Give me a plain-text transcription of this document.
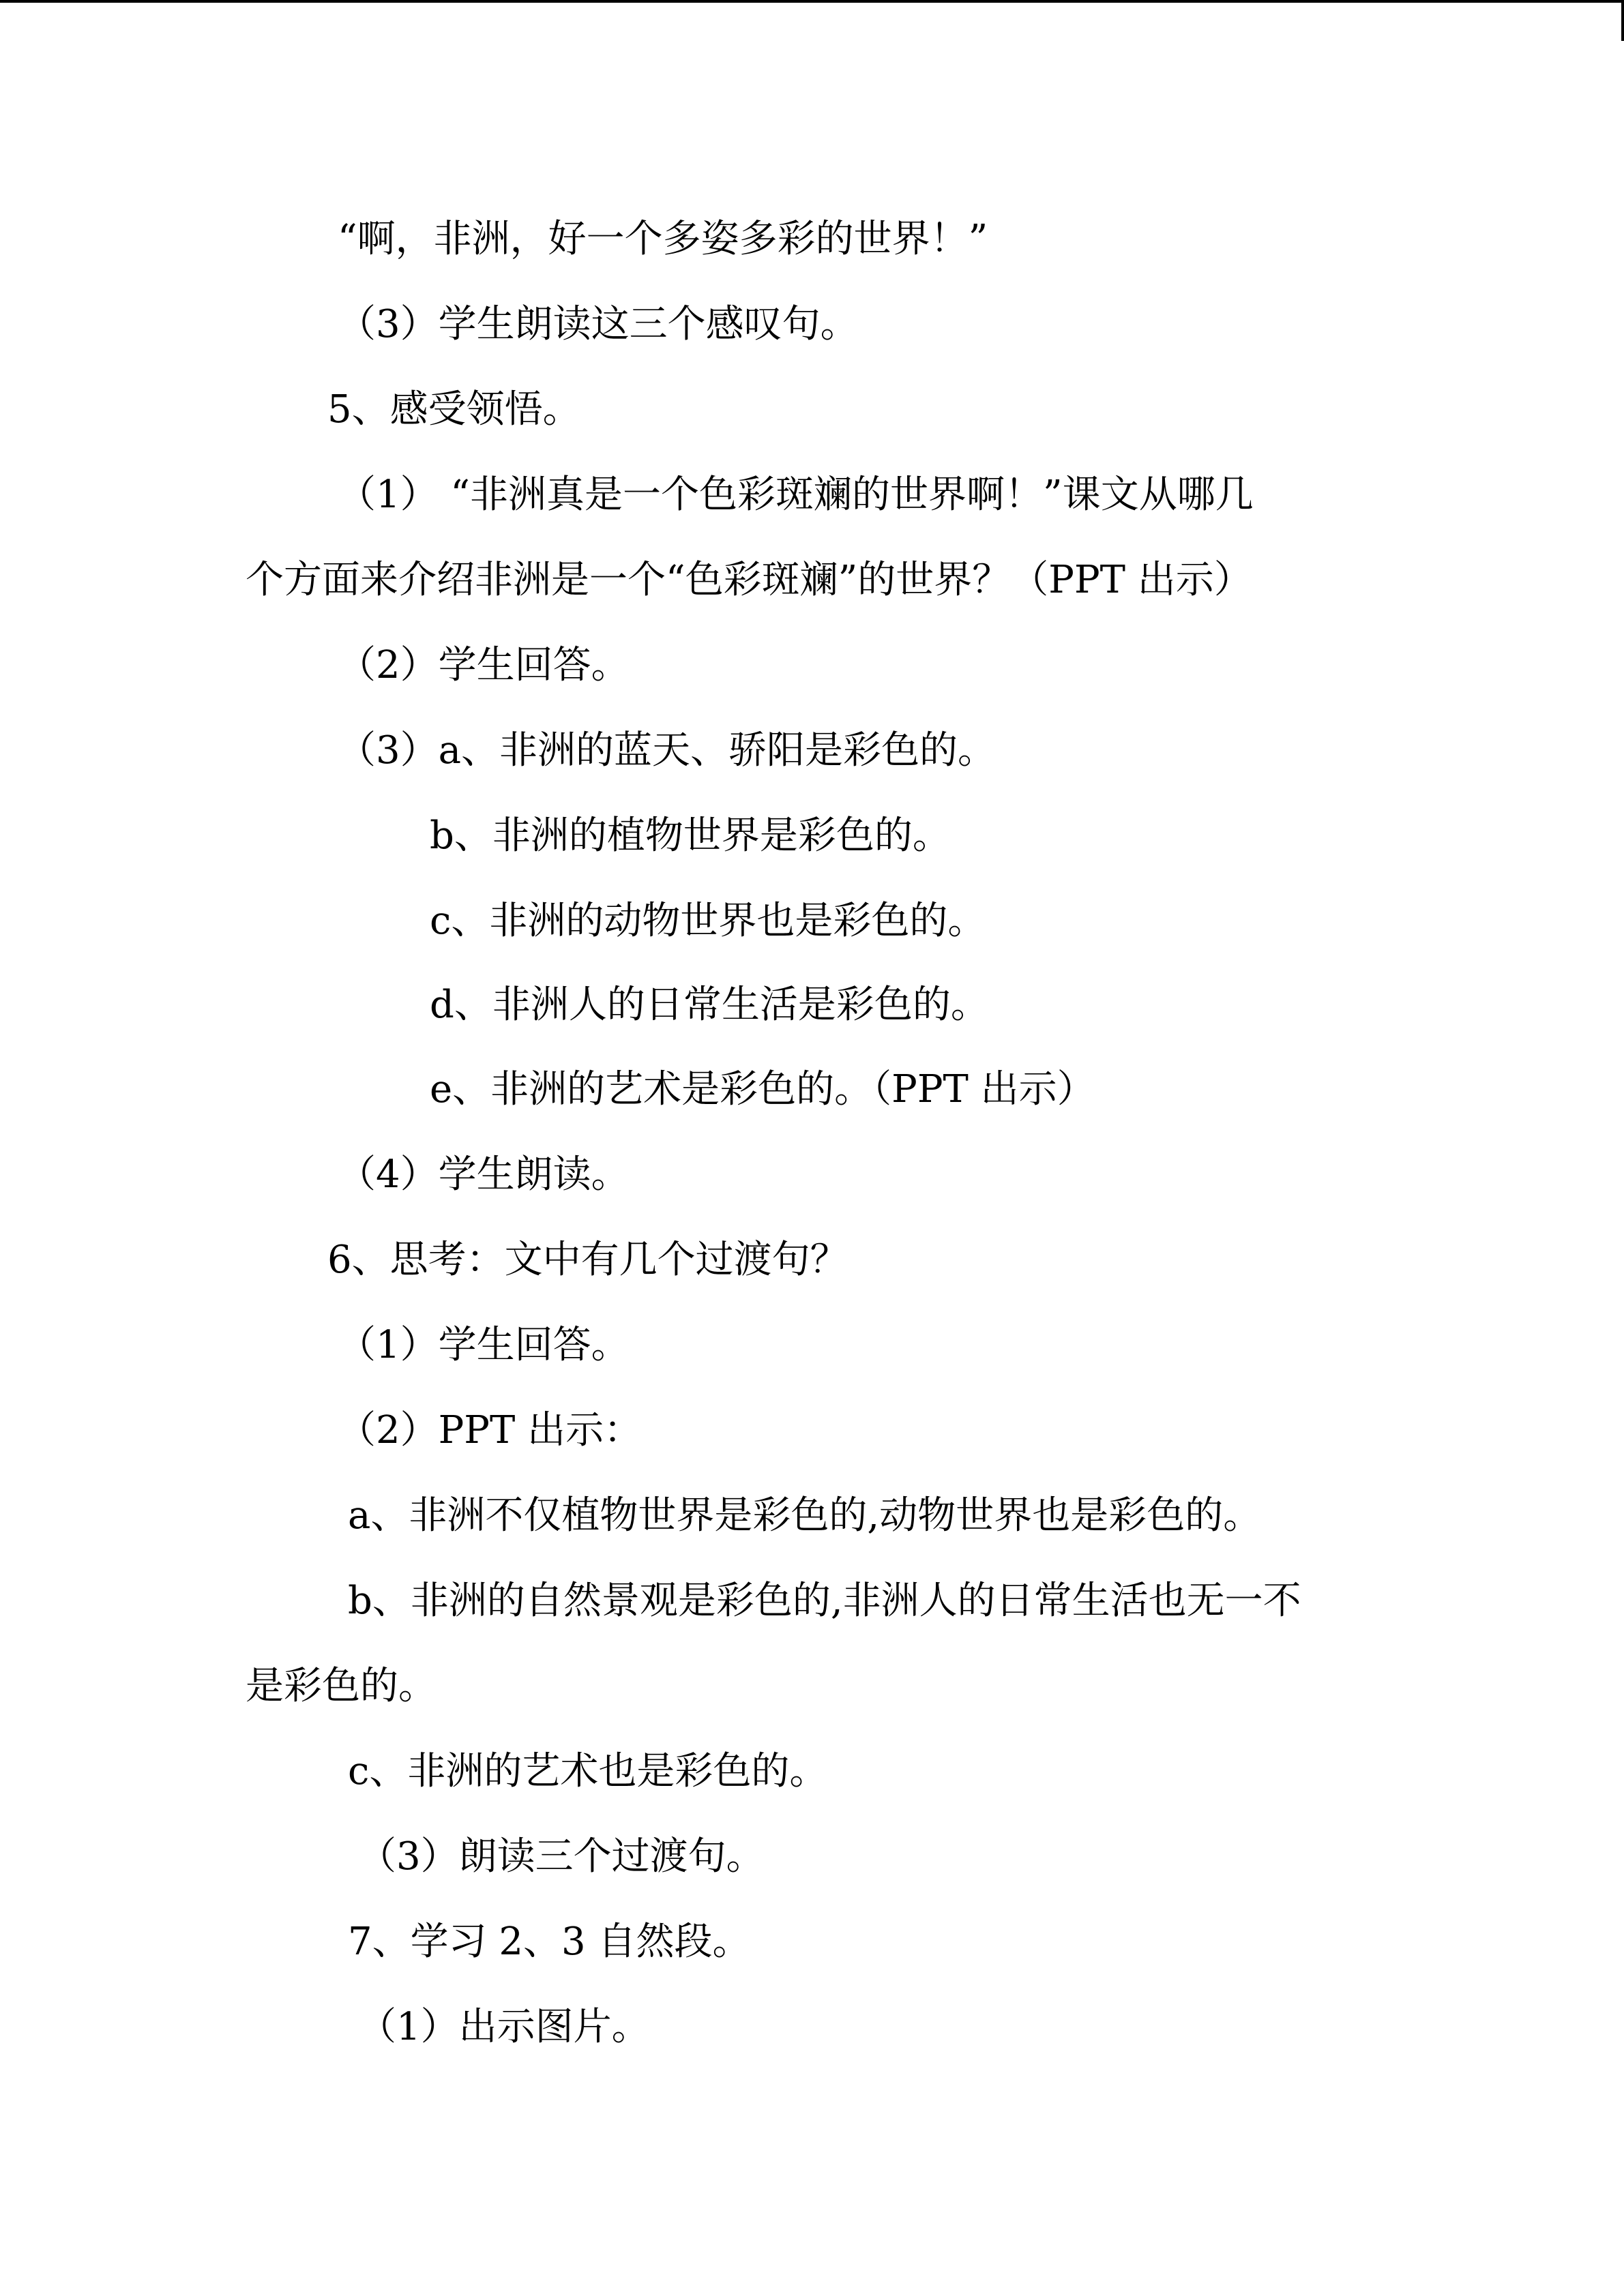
“啊，非洲，好一个多姿多彩的世界！”
（3）学生朗读这三个感叹句。
5、感受领悟。
（1） “非洲真是一个色彩斑斓的世界啊！”课文从哪几
个方面来介绍非洲是一个“色彩斑斓”的世界？（PPT 出示）
（2）学生回答。
（3）a、非洲的蓝天、骄阳是彩色的。
b、非洲的植物世界是彩色的。
c、非洲的动物世界也是彩色的。
d、非洲人的日常生活是彩色的。
e、非洲的艺术是彩色的。（PPT 出示）
（4）学生朗读。
6、思考：文中有几个过渡句？
（1）学生回答。
（2）PPT 出示：
a、非洲不仅植物世界是彩色的,动物世界也是彩色的。
b、非洲的自然景观是彩色的,非洲人的日常生活也无一不
是彩色的。
c、非洲的艺术也是彩色的。
（3）朗读三个过渡句。
7、学习 2、3 自然段。
（1）出示图片。
